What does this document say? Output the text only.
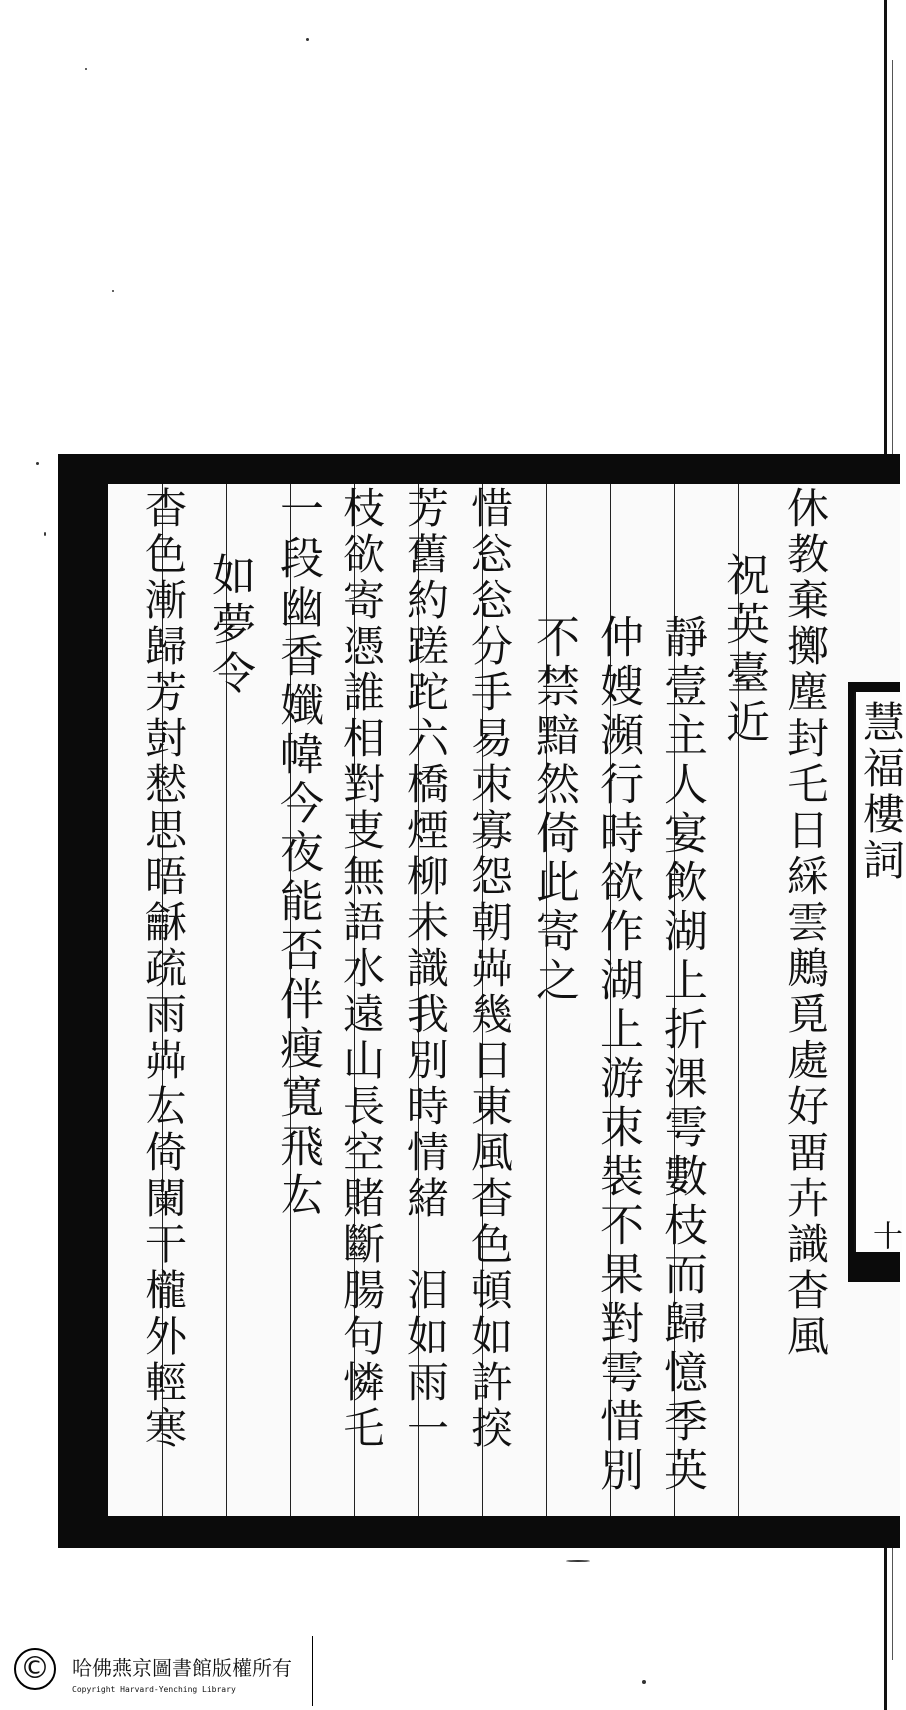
慧福樓詞
十
休教棄擲塵封乇日綵雲鶊覓處好畱卉識杳風
祝英臺近
靜壹主人宴飲湖上折淉雩數枝而歸憶季英
仲嫂瀕行時欲作湖上游朿裝不果對雩惜別
不禁黯然倚此寄之
惜忩忩分手易朿寡怨朝芔幾日東風杳色頓如許揬
芳舊約蹉跎六橋煙柳未識我別時情緒　泪如雨一
枝欲寄憑誰相對叓無語水遠山長空賭斷腸句憐乇
一段幽香孅幃今夜能否伴瘦寬飛厷
如夢令
杳色漸歸芳尌慭思晤龢疏雨芔厷倚闌干櫳外輕寒
©	哈佛燕京圖書館版權所有
Copyright Harvard-Yenching Library
